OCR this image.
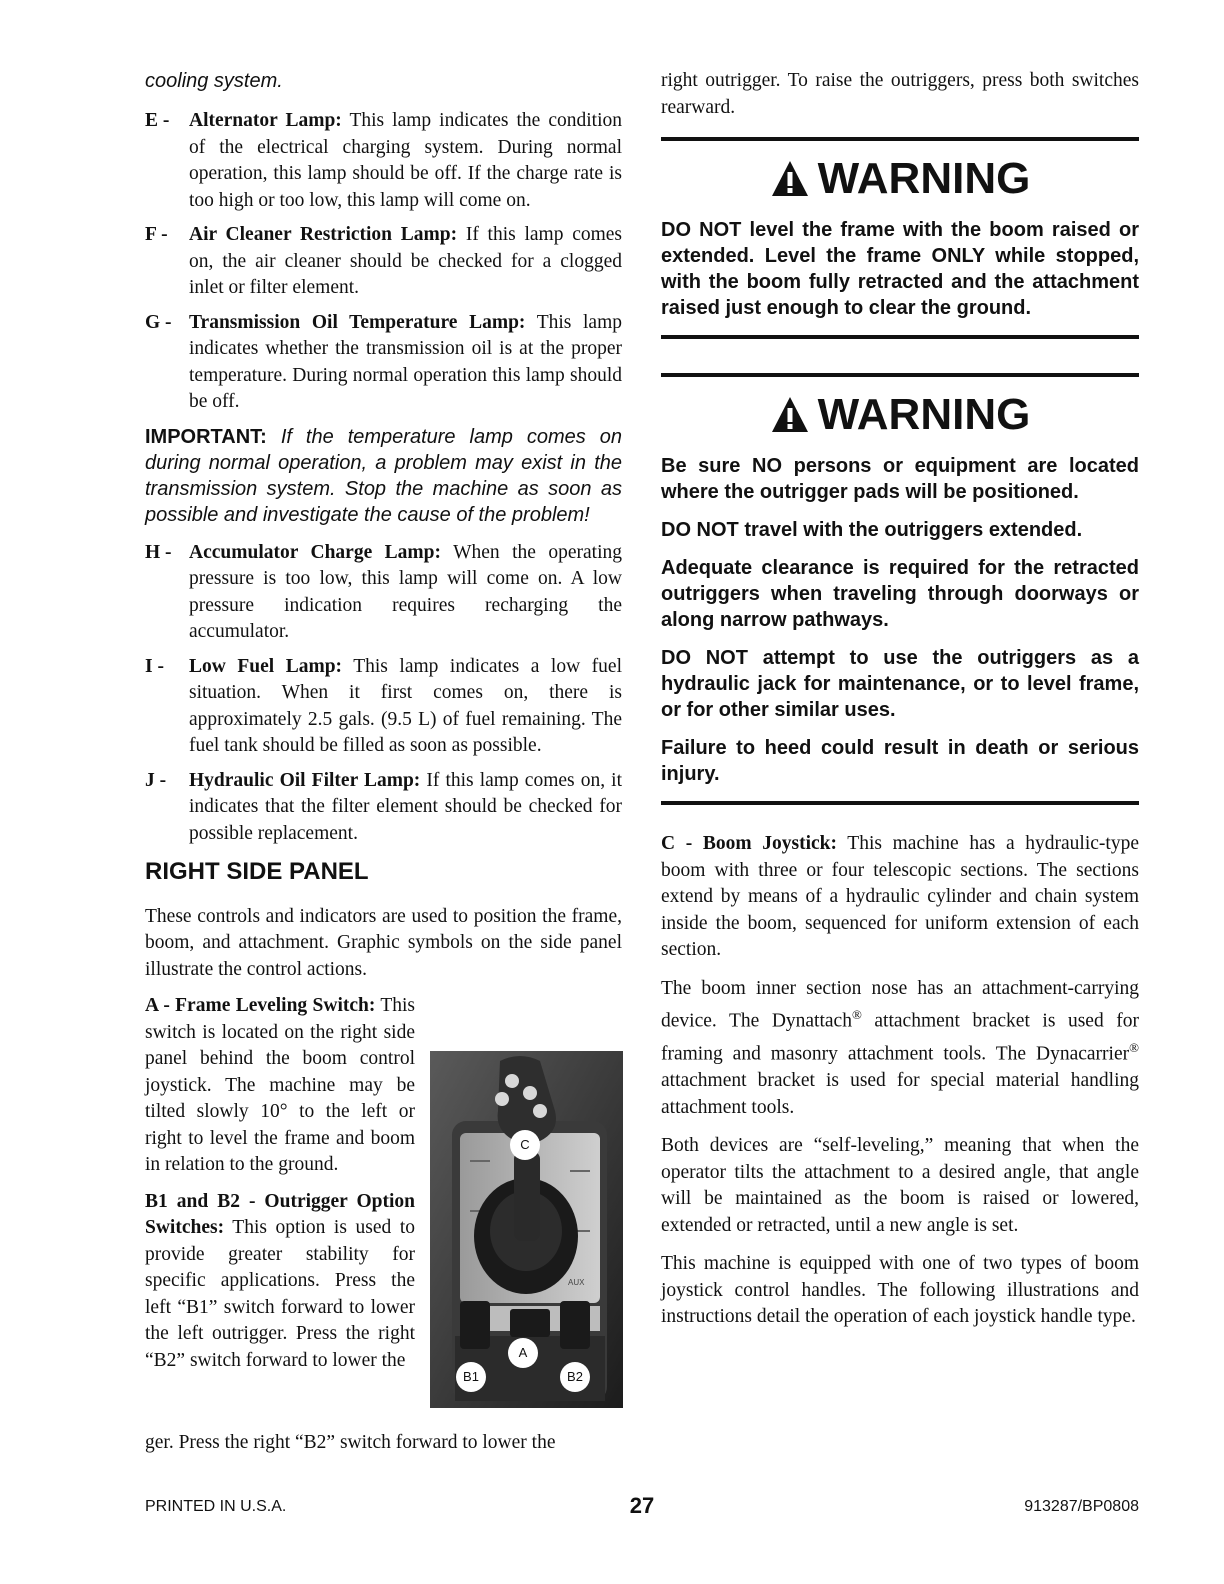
cooling system.

E - Alternator Lamp: This lamp indicates the condition of the electrical charging system. During normal operation, this lamp should be off. If the charge rate is too high or too low, this lamp will come on.
F - Air Cleaner Restriction Lamp: If this lamp comes on, the air cleaner should be checked for a clogged inlet or filter element.
G - Transmission Oil Temperature Lamp: This lamp indicates whether the transmission oil is at the proper temperature. During normal operation this lamp should be off.

IMPORTANT: If the temperature lamp comes on during normal operation, a problem may exist in the transmission system. Stop the machine as soon as possible and investigate the cause of the problem!

H - Accumulator Charge Lamp: When the operating pressure is too low, this lamp will come on. A low pressure indication requires recharging the accumulator.
I - Low Fuel Lamp: This lamp indicates a low fuel situation. When it first comes on, there is approximately 2.5 gals. (9.5 L) of fuel remaining. The fuel tank should be filled as soon as possible.
J - Hydraulic Oil Filter Lamp: If this lamp comes on, it indicates that the filter element should be checked for possible replacement.
RIGHT SIDE PANEL

These controls and indicators are used to position the frame, boom, and attachment. Graphic symbols on the side panel illustrate the control actions.

A - Frame Leveling Switch: This switch is located on the right side panel behind the boom control joystick. The machine may be tilted slowly 10° to the left or right to level the frame and boom in relation to the ground.

B1 and B2 - Outrigger Option Switches: This option is used to provide greater stability for specific applications. Press the left “B1” switch forward to lower the left outrigger. Press the right “B2” switch forward to lower the

AUX
C
A
B1	B2

ger. Press the right “B2” switch forward to lower the

right outrigger. To raise the outriggers, press both switches rearward.

WARNING

DO NOT level the frame with the boom raised or extended. Level the frame ONLY while stopped, with the boom fully retracted and the attachment raised just enough to clear the ground.

WARNING

Be sure NO persons or equipment are located where the outrigger pads will be positioned.

DO NOT travel with the outriggers extended.

Adequate clearance is required for the retracted outriggers when traveling through doorways or along narrow pathways.

DO NOT attempt to use the outriggers as a hydraulic jack for maintenance, or to level frame, or for other similar uses.

Failure to heed could result in death or serious injury.

C - Boom Joystick: This machine has a hydraulic-type boom with three or four telescopic sections. The sections extend by means of a hydraulic cylinder and chain system inside the boom, sequenced for uniform extension of each section.

The boom inner section nose has an attachment-carrying device. The Dynattach® attachment bracket is used for framing and masonry attachment tools. The Dynacarrier® attachment bracket is used for special material handling attachment tools.

Both devices are “self-leveling,” meaning that when the operator tilts the attachment to a desired angle, that angle will be maintained as the boom is raised or lowered, extended or retracted, until a new angle is set.

This machine is equipped with one of two types of boom joystick control handles. The following illustrations and instructions detail the operation of each joystick handle type.

PRINTED IN U.S.A.	27	913287/BP0808
